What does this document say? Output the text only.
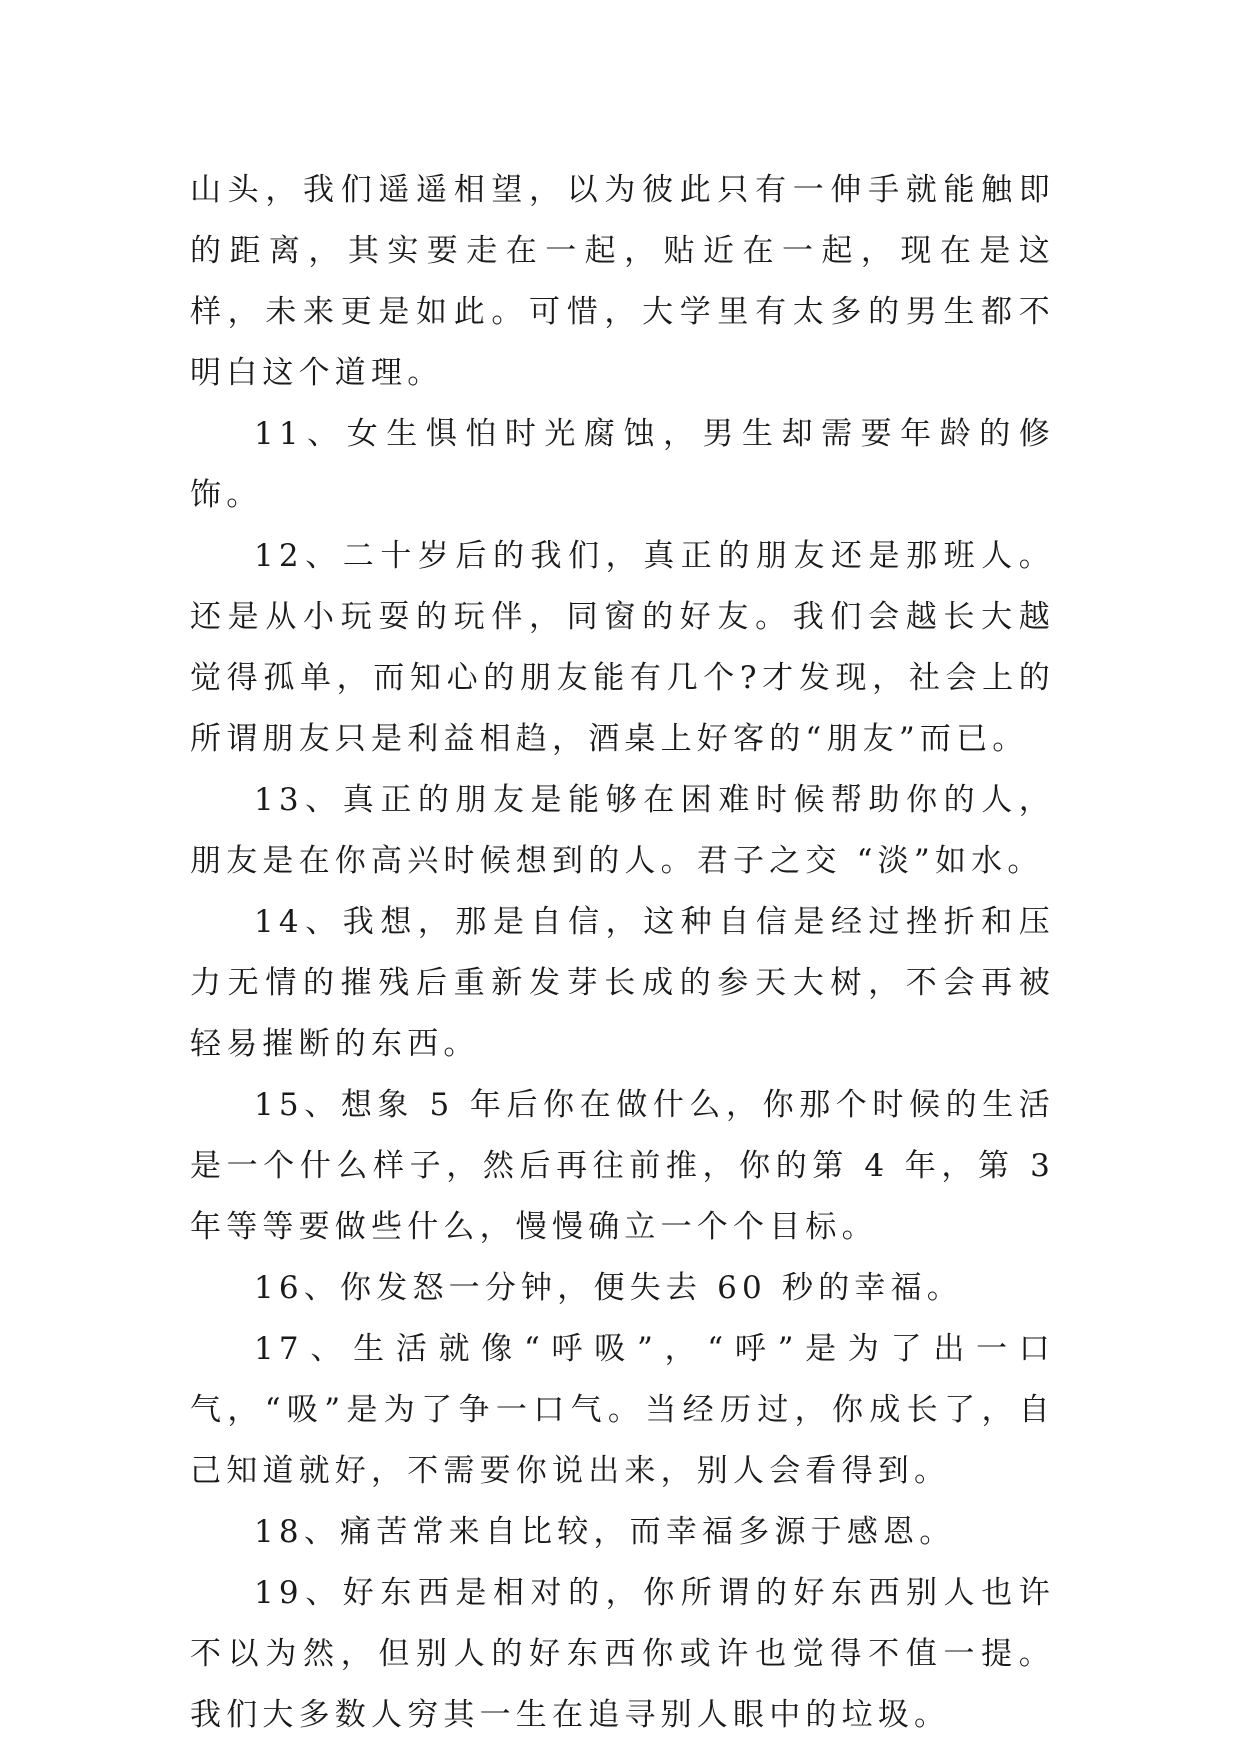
山头，我们遥遥相望，以为彼此只有一伸手就能触即的距离，其实要走在一起，贴近在一起，现在是这样，未来更是如此。可惜，大学里有太多的男生都不明白这个道理。

11、女生惧怕时光腐蚀，男生却需要年龄的修饰。

12、二十岁后的我们，真正的朋友还是那班人。还是从小玩耍的玩伴，同窗的好友。我们会越长大越觉得孤单，而知心的朋友能有几个?才发现，社会上的所谓朋友只是利益相趋，酒桌上好客的“朋友”而已。

13、真正的朋友是能够在困难时候帮助你的人，朋友是在你高兴时候想到的人。君子之交 “淡”如水。

14、我想，那是自信，这种自信是经过挫折和压力无情的摧残后重新发芽长成的参天大树，不会再被轻易摧断的东西。

15、想象 5 年后你在做什么，你那个时候的生活是一个什么样子，然后再往前推，你的第 4 年，第 3 年等等要做些什么，慢慢确立一个个目标。

16、你发怒一分钟，便失去 60 秒的幸福。

17、生活就像“呼吸”，“呼”是为了出一口气，“吸”是为了争一口气。当经历过，你成长了，自己知道就好，不需要你说出来，别人会看得到。

18、痛苦常来自比较，而幸福多源于感恩。

19、好东西是相对的，你所谓的好东西别人也许不以为然，但别人的好东西你或许也觉得不值一提。我们大多数人穷其一生在追寻别人眼中的垃圾。
